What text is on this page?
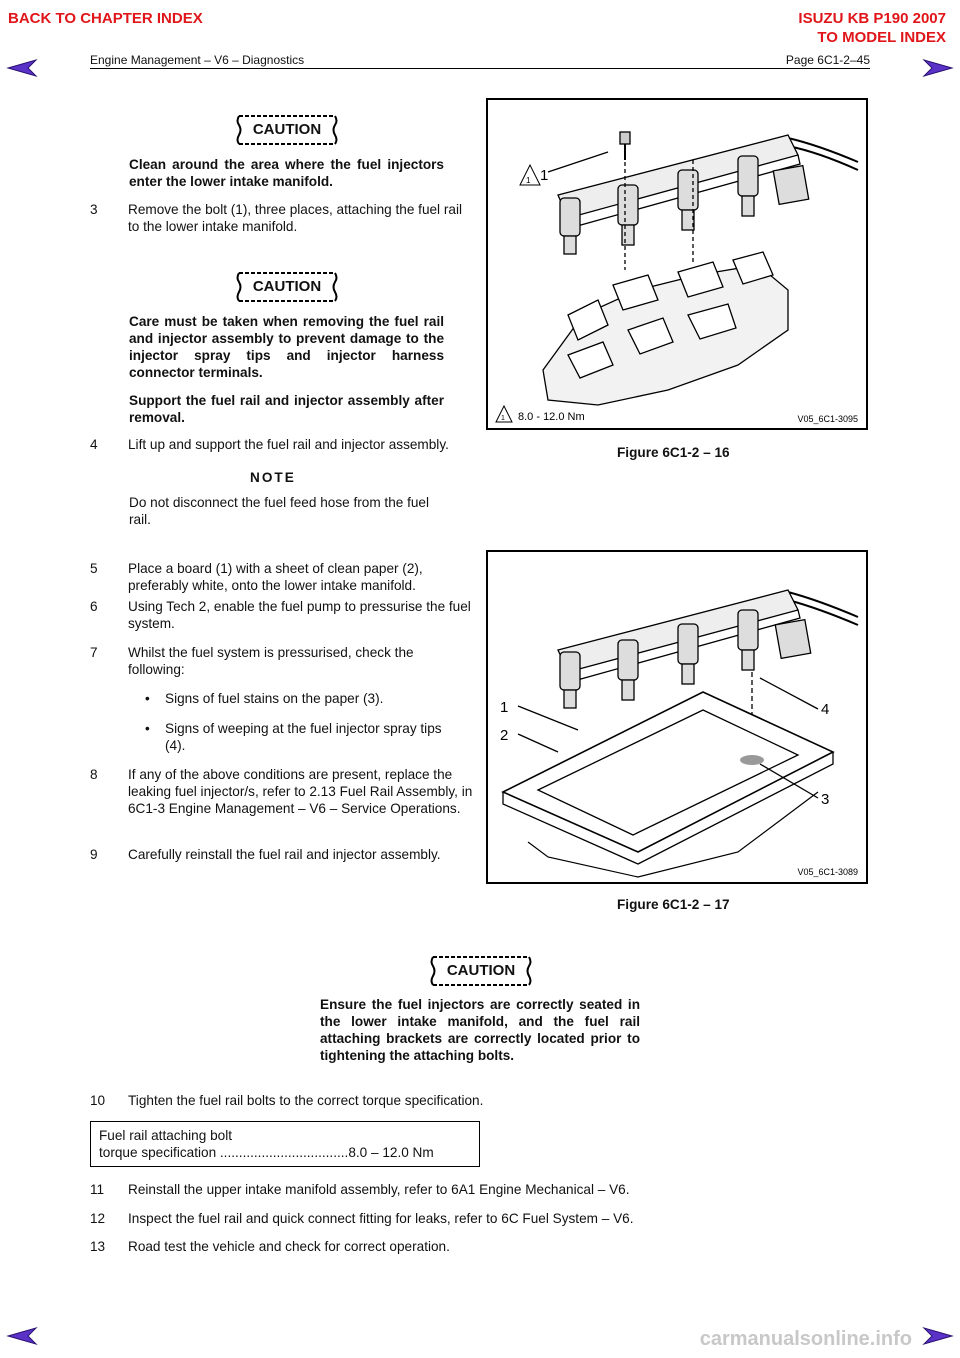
BACK TO CHAPTER INDEX	ISUZU KB P190 2007
TO MODEL INDEX
Engine Management – V6 – Diagnostics	Page 6C1-2–45
CAUTION
Clean around the area where the fuel injectors enter the lower intake manifold.
3 Remove the bolt (1), three places, attaching the fuel rail to the lower intake manifold.
CAUTION
Care must be taken when removing the fuel rail and injector assembly to prevent damage to the injector spray tips and injector harness connector terminals.
Support the fuel rail and injector assembly after removal.
4 Lift up and support the fuel rail and injector assembly.
NOTE
Do not disconnect the fuel feed hose from the fuel rail.
5 Place a board (1) with a sheet of clean paper (2), preferably white, onto the lower intake manifold.
6 Using Tech 2, enable the fuel pump to pressurise the fuel system.
7 Whilst the fuel system is pressurised, check the following:
• Signs of fuel stains on the paper (3).
• Signs of weeping at the fuel injector spray tips (4).
8 If any of the above conditions are present, replace the leaking fuel injector/s, refer to 2.13 Fuel Rail Assembly, in 6C1-3 Engine Management – V6 – Service Operations.
9 Carefully reinstall the fuel rail and injector assembly.
1 1
1 8.0 - 12.0 Nm	V05_6C1-3095
Figure 6C1-2 – 16
1
2
3
4
V05_6C1-3089
Figure 6C1-2 – 17
CAUTION
Ensure the fuel injectors are correctly seated in the lower intake manifold, and the fuel rail attaching brackets are correctly located prior to tightening the attaching bolts.
10 Tighten the fuel rail bolts to the correct torque specification.
Fuel rail attaching bolt
torque specification ..................................8.0 – 12.0 Nm
11 Reinstall the upper intake manifold assembly, refer to 6A1 Engine Mechanical – V6.
12 Inspect the fuel rail and quick connect fitting for leaks, refer to 6C Fuel System – V6.
13 Road test the vehicle and check for correct operation.
carmanualsonline.info
